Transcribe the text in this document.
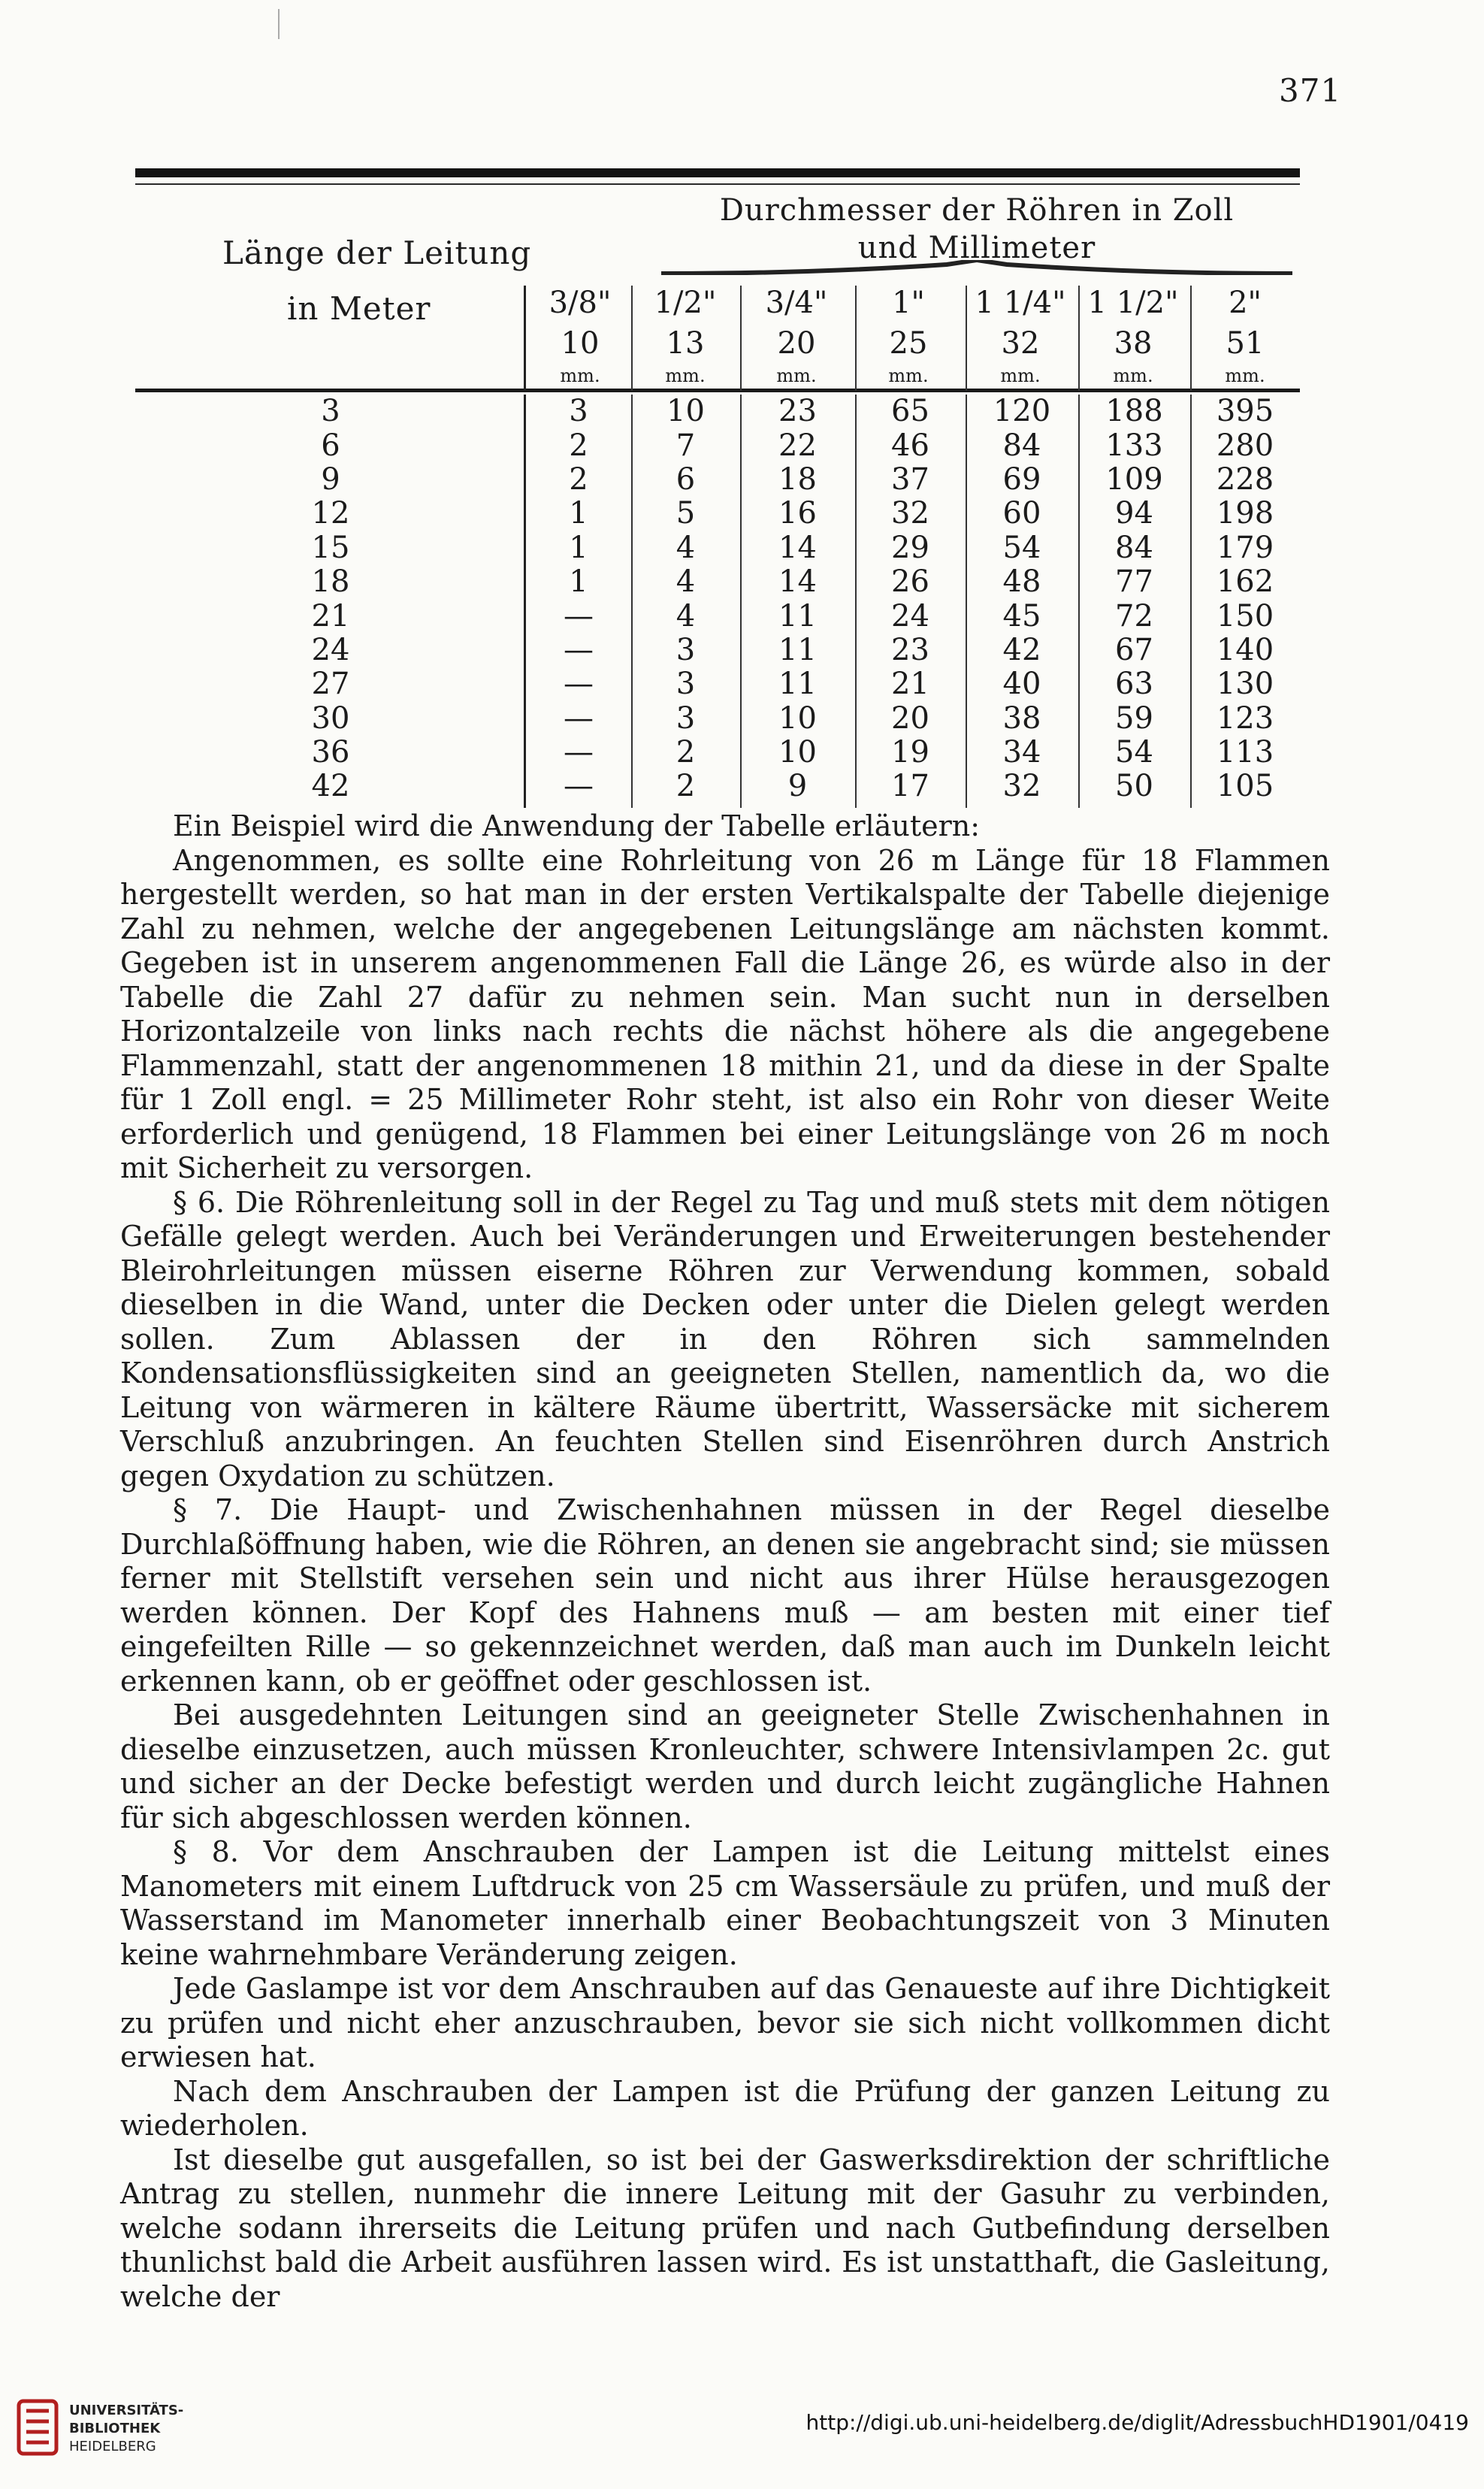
371
Länge der Leitung
in Meter
Durchmesser der Röhren in Zoll
und Millimeter
3/8"
10
mm.
1/2"
13
mm.
3/4"
20
mm.
1"
25
mm.
1 1/4"
32
mm.
1 1/2"
38
mm.
2"
51
mm.
3	3	10	23	65	120	188	395
6	2	7	22	46	84	133	280
9	2	6	18	37	69	109	228
12	1	5	16	32	60	94	198
15	1	4	14	29	54	84	179
18	1	4	14	26	48	77	162
21	—	4	11	24	45	72	150
24	—	3	11	23	42	67	140
27	—	3	11	21	40	63	130
30	—	3	10	20	38	59	123
36	—	2	10	19	34	54	113
42	—	2	9	17	32	50	105

Ein Beispiel wird die Anwendung der Tabelle erläutern:

Angenommen, es sollte eine Rohrleitung von 26 m Länge für 18 Flammen hergestellt werden, so hat man in der ersten Vertikalspalte der Tabelle diejenige Zahl zu nehmen, welche der angegebenen Leitungslänge am nächsten kommt. Gegeben ist in unserem angenommenen Fall die Länge 26, es würde also in der Tabelle die Zahl 27 dafür zu nehmen sein. Man sucht nun in derselben Horizontalzeile von links nach rechts die nächst höhere als die angegebene Flammenzahl, statt der angenommenen 18 mithin 21, und da diese in der Spalte für 1 Zoll engl. = 25 Millimeter Rohr steht, ist also ein Rohr von dieser Weite erforderlich und genügend, 18 Flammen bei einer Leitungslänge von 26 m noch mit Sicherheit zu versorgen.

§ 6. Die Röhrenleitung soll in der Regel zu Tag und muß stets mit dem nötigen Gefälle gelegt werden. Auch bei Veränderungen und Erweiterungen bestehender Bleirohrleitungen müssen eiserne Röhren zur Verwendung kommen, sobald dieselben in die Wand, unter die Decken oder unter die Dielen gelegt werden sollen. Zum Ablassen der in den Röhren sich sammelnden Kondensationsflüssigkeiten sind an geeigneten Stellen, namentlich da, wo die Leitung von wärmeren in kältere Räume übertritt, Wassersäcke mit sicherem Verschluß anzubringen. An feuchten Stellen sind Eisenröhren durch Anstrich gegen Oxydation zu schützen.

§ 7. Die Haupt- und Zwischenhahnen müssen in der Regel dieselbe Durchlaßöffnung haben, wie die Röhren, an denen sie angebracht sind; sie müssen ferner mit Stellstift versehen sein und nicht aus ihrer Hülse herausgezogen werden können. Der Kopf des Hahnens muß — am besten mit einer tief eingefeilten Rille — so gekennzeichnet werden, daß man auch im Dunkeln leicht erkennen kann, ob er geöffnet oder geschlossen ist.

Bei ausgedehnten Leitungen sind an geeigneter Stelle Zwischenhahnen in dieselbe einzusetzen, auch müssen Kronleuchter, schwere Intensivlampen 2c. gut und sicher an der Decke befestigt werden und durch leicht zugängliche Hahnen für sich abgeschlossen werden können.

§ 8. Vor dem Anschrauben der Lampen ist die Leitung mittelst eines Manometers mit einem Luftdruck von 25 cm Wassersäule zu prüfen, und muß der Wasserstand im Manometer innerhalb einer Beobachtungszeit von 3 Minuten keine wahrnehmbare Veränderung zeigen.

Jede Gaslampe ist vor dem Anschrauben auf das Genaueste auf ihre Dichtigkeit zu prüfen und nicht eher anzuschrauben, bevor sie sich nicht vollkommen dicht erwiesen hat.

Nach dem Anschrauben der Lampen ist die Prüfung der ganzen Leitung zu wiederholen.

Ist dieselbe gut ausgefallen, so ist bei der Gaswerksdirektion der schriftliche Antrag zu stellen, nunmehr die innere Leitung mit der Gasuhr zu verbinden, welche sodann ihrerseits die Leitung prüfen und nach Gutbefindung derselben thunlichst bald die Arbeit ausführen lassen wird. Es ist unstatthaft, die Gasleitung, welche der

UNIVERSITÄTS-
BIBLIOTHEK
HEIDELBERG
http://digi.ub.uni-heidelberg.de/diglit/AdressbuchHD1901/0419
